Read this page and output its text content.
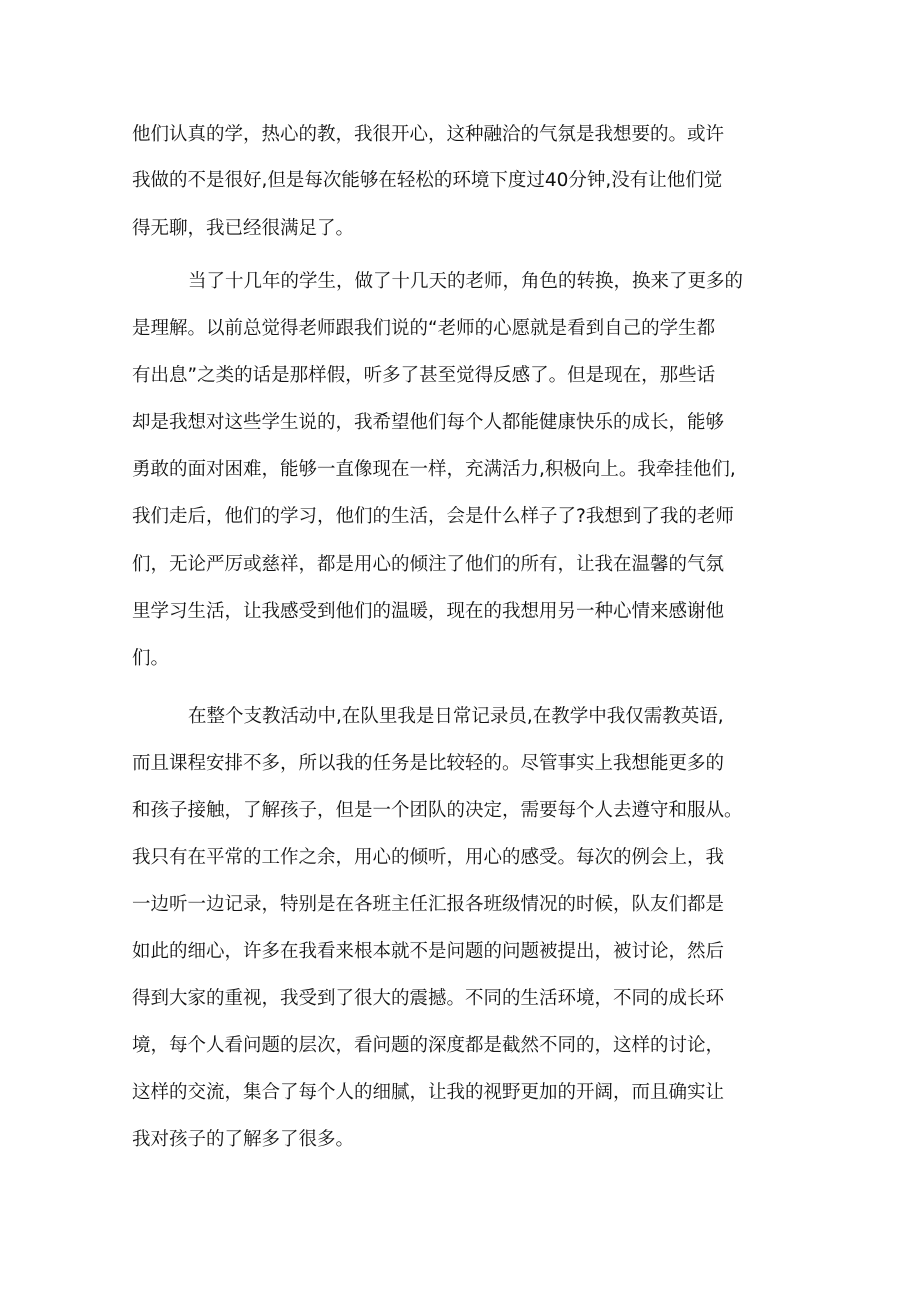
他们认真的学，热心的教，我很开心，这种融洽的气氛是我想要的。或许
我做的不是很好,但是每次能够在轻松的环境下度过40分钟,没有让他们觉
得无聊，我已经很满足了。
当了十几年的学生，做了十几天的老师，角色的转换，换来了更多的
是理解。以前总觉得老师跟我们说的“老师的心愿就是看到自己的学生都
有出息”之类的话是那样假，听多了甚至觉得反感了。但是现在，那些话
却是我想对这些学生说的，我希望他们每个人都能健康快乐的成长，能够
勇敢的面对困难，能够一直像现在一样，充满活力,积极向上。我牵挂他们,
我们走后，他们的学习，他们的生活，会是什么样子了?我想到了我的老师
们，无论严厉或慈祥，都是用心的倾注了他们的所有，让我在温馨的气氛
里学习生活，让我感受到他们的温暖，现在的我想用另一种心情来感谢他
们。
在整个支教活动中,在队里我是日常记录员,在教学中我仅需教英语,
而且课程安排不多，所以我的任务是比较轻的。尽管事实上我想能更多的
和孩子接触，了解孩子，但是一个团队的决定，需要每个人去遵守和服从。
我只有在平常的工作之余，用心的倾听，用心的感受。每次的例会上，我
一边听一边记录，特别是在各班主任汇报各班级情况的时候，队友们都是
如此的细心，许多在我看来根本就不是问题的问题被提出，被讨论，然后
得到大家的重视，我受到了很大的震撼。不同的生活环境，不同的成长环
境，每个人看问题的层次，看问题的深度都是截然不同的，这样的讨论，
这样的交流，集合了每个人的细腻，让我的视野更加的开阔，而且确实让
我对孩子的了解多了很多。
